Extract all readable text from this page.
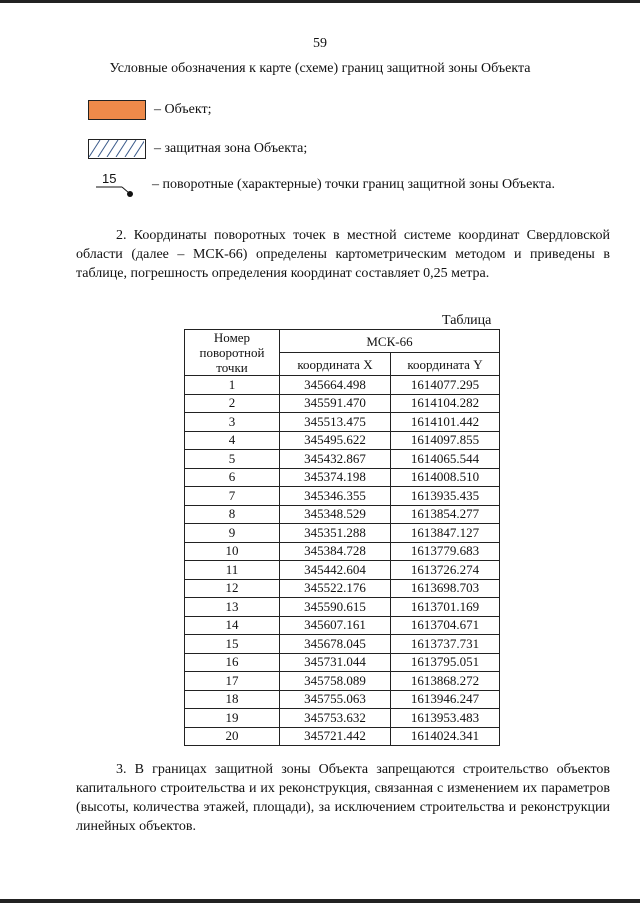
59
Условные обозначения к карте (схеме) границ защитной зоны Объекта
– Объект;
– защитная зона Объекта;
15	– поворотные (характерные) точки границ защитной зоны Объекта.
2. Координаты поворотных точек в местной системе координат Свердловской области (далее – МСК-66) определены картометрическим методом и приведены в таблице, погрешность определения координат составляет 0,25 метра.
Таблица
Номер поворотной точки	МСК-66	
	координата X	координата Y
1	345664.498	1614077.295
2	345591.470	1614104.282
3	345513.475	1614101.442
4	345495.622	1614097.855
5	345432.867	1614065.544
6	345374.198	1614008.510
7	345346.355	1613935.435
8	345348.529	1613854.277
9	345351.288	1613847.127
10	345384.728	1613779.683
11	345442.604	1613726.274
12	345522.176	1613698.703
13	345590.615	1613701.169
14	345607.161	1613704.671
15	345678.045	1613737.731
16	345731.044	1613795.051
17	345758.089	1613868.272
18	345755.063	1613946.247
19	345753.632	1613953.483
20	345721.442	1614024.341
3. В границах защитной зоны Объекта запрещаются строительство объектов капитального строительства и их реконструкция, связанная с изменением их параметров (высоты, количества этажей, площади), за исключением строительства и реконструкции линейных объектов.
